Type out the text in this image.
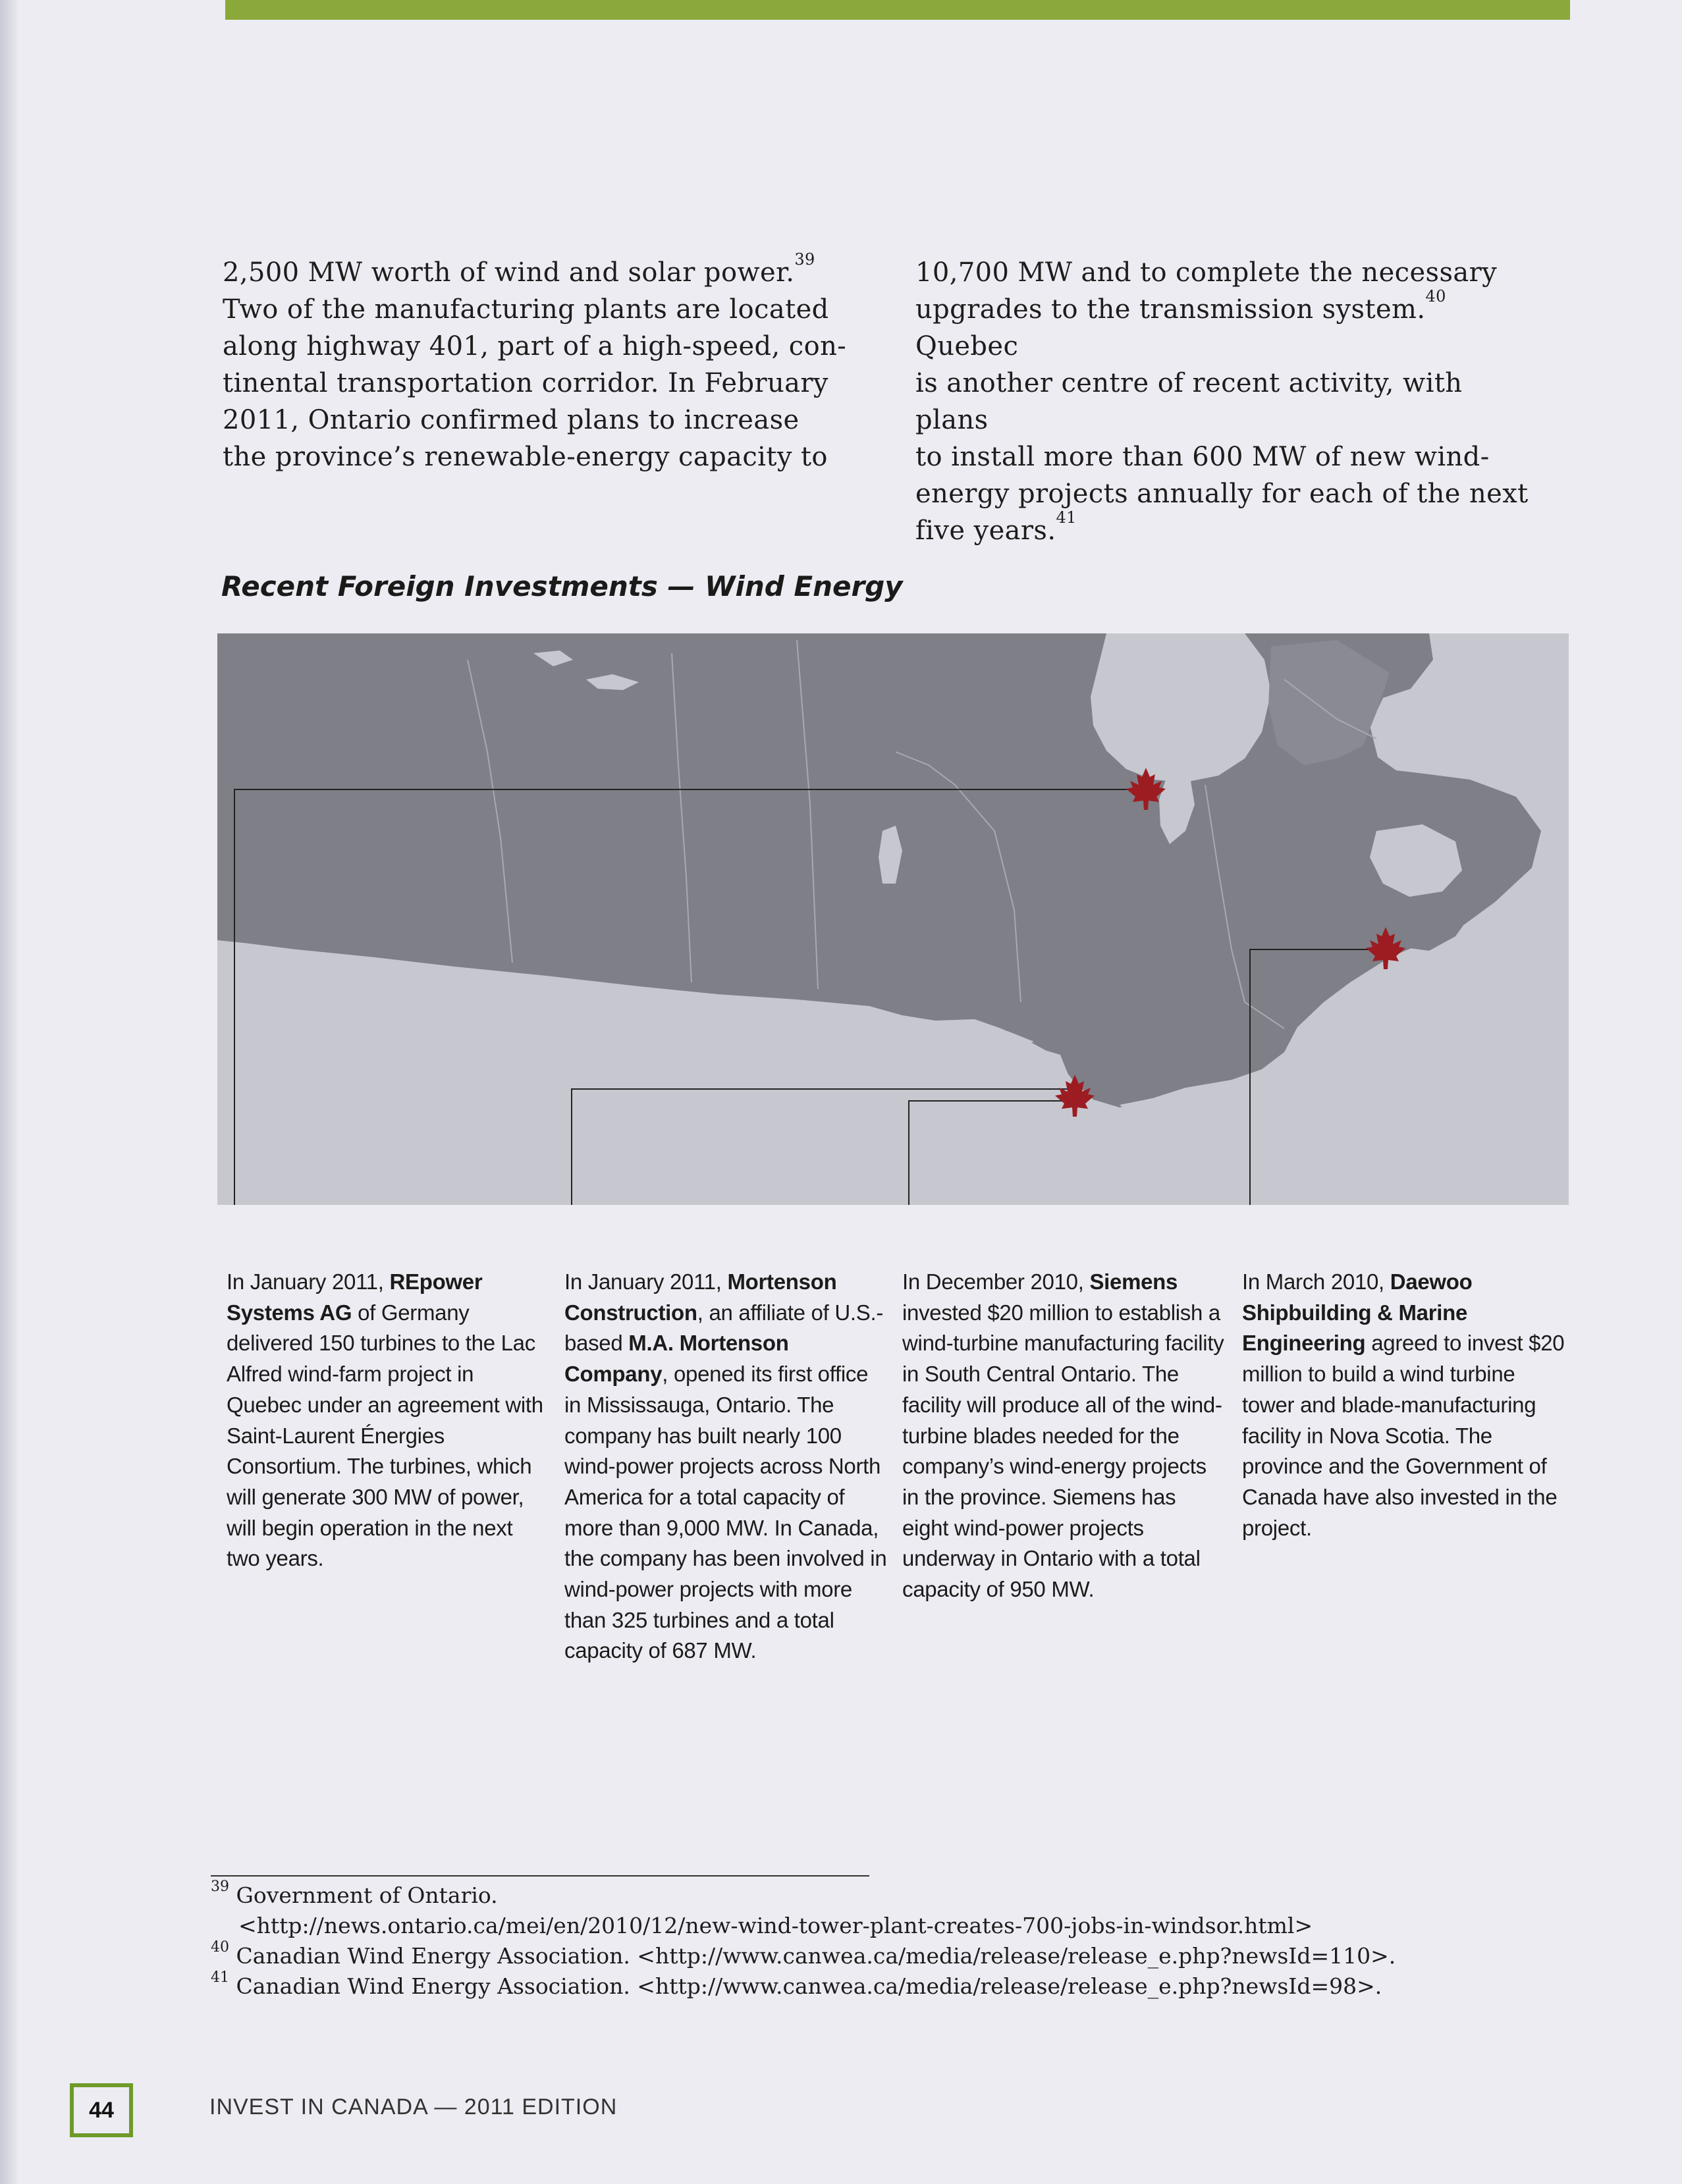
2,500 MW worth of wind and solar power.$^{39}$

Two of the manufacturing plants are located

along highway 401, part of a high-speed, con-

tinental transportation corridor. In February

2011, Ontario confirmed plans to increase

the province’s renewable-energy capacity to

10,700 MW and to complete the necessary

upgrades to the transmission system.$^{40}$ Quebec

is another centre of recent activity, with plans

to install more than 600 MW of new wind-

energy projects annually for each of the next

five years.$^{41}$

Recent Foreign Investments — Wind Energy
In January 2011, REpower Systems AG of Germany delivered 150 turbines to the Lac Alfred wind-farm project in Quebec under an agreement with Saint-Laurent Énergies Consortium. The turbines, which will generate 300 MW of power, will begin operation in the next two years.
In January 2011, Mortenson Construction, an affiliate of U.S.-based M.A. Mortenson Company, opened its first office in Mississauga, Ontario. The company has built nearly 100 wind-power projects across North America for a total capacity of more than 9,000 MW. In Canada, the company has been involved in wind-power projects with more than 325 turbines and a total capacity of 687 MW.
In December 2010, Siemens invested $20 million to establish a wind-turbine manufacturing facility in South Central Ontario. The facility will produce all of the wind-turbine blades needed for the company’s wind-energy projects in the province. Siemens has eight wind-power projects underway in Ontario with a total capacity of 950 MW.
In March 2010, Daewoo Shipbuilding & Marine Engineering agreed to invest $20 million to build a wind turbine tower and blade-manufacturing facility in Nova Scotia. The province and the Government of Canada have also invested in the project.
$^{39}$ Government of Ontario.
<http://news.ontario.ca/mei/en/2010/12/new-wind-tower-plant-creates-700-jobs-in-windsor.html>
$^{40}$ Canadian Wind Energy Association. <http://www.canwea.ca/media/release/release_e.php?newsId=110>.
$^{41}$ Canadian Wind Energy Association. <http://www.canwea.ca/media/release/release_e.php?newsId=98>.
44	INVEST IN CANADA — 2011 EDITION
